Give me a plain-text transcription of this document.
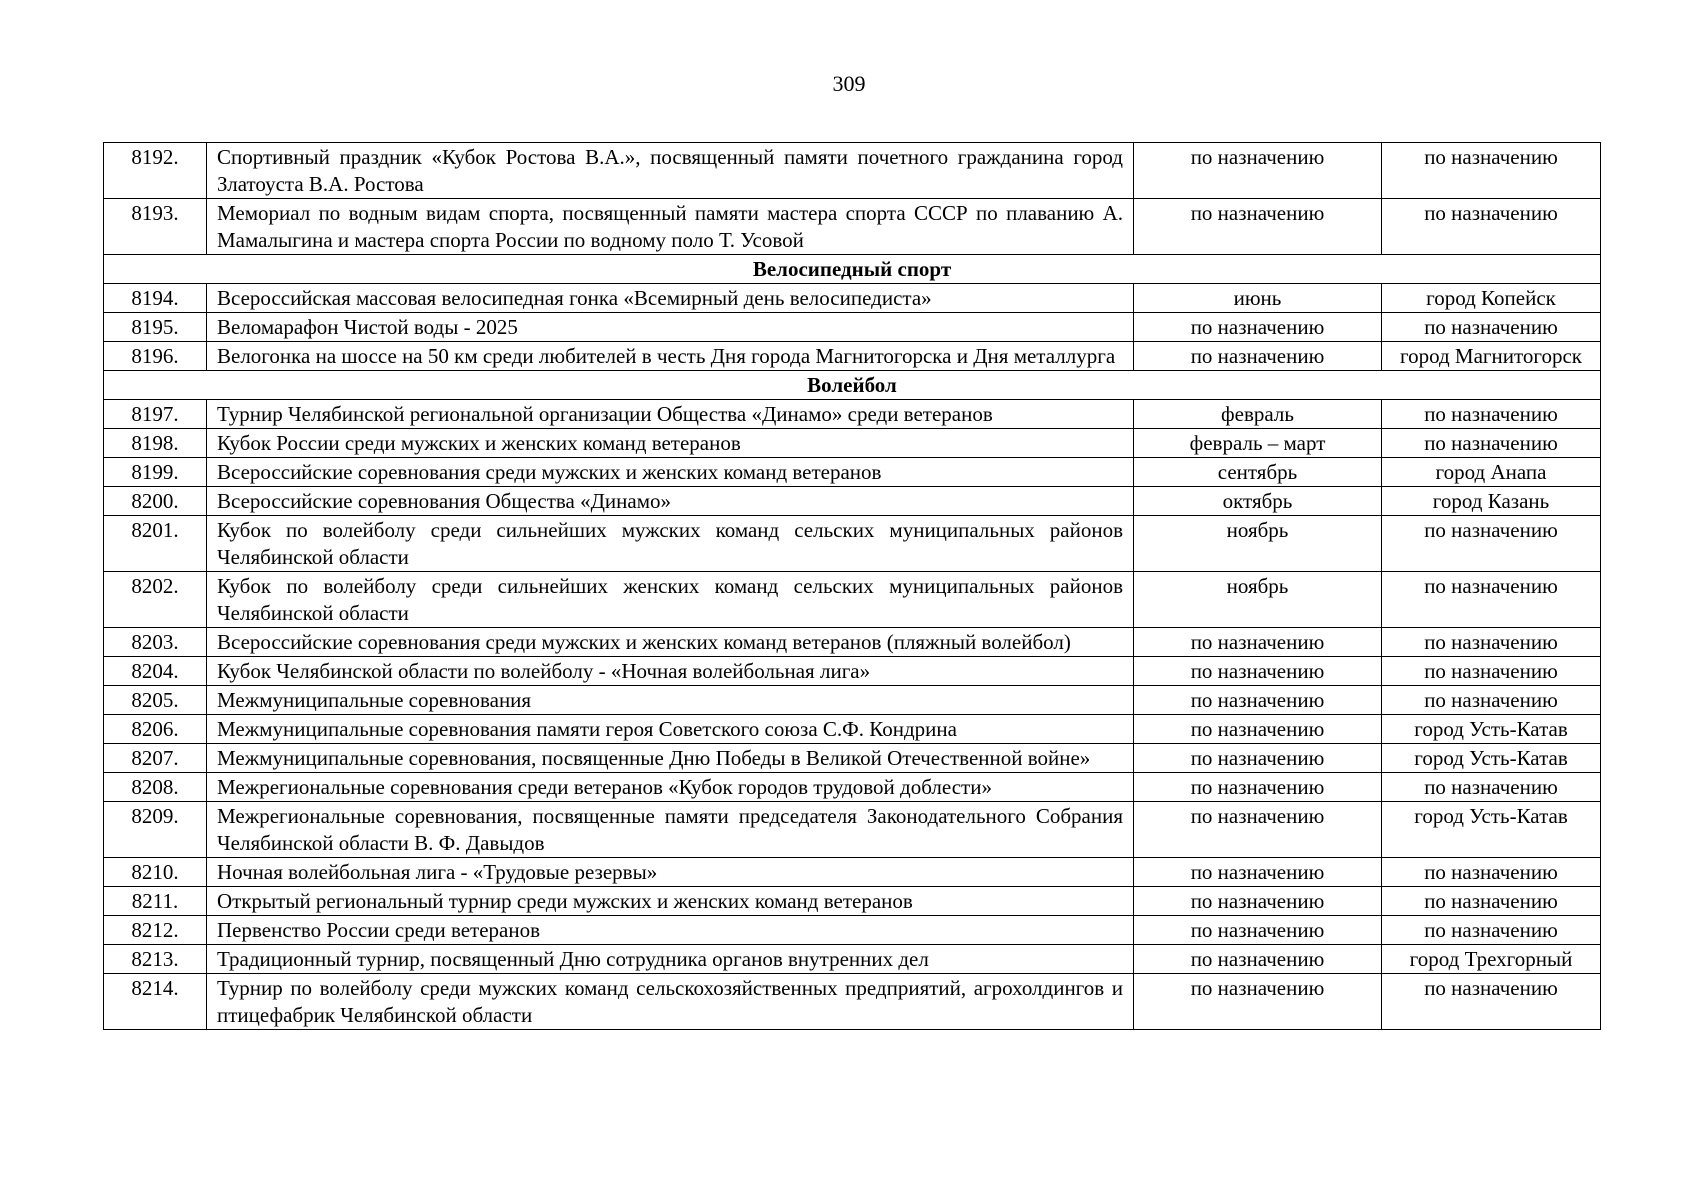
309
8192.	Спортивный праздник «Кубок Ростова В.А.», посвященный памяти почетного гражданина город Златоуста В.А. Ростова	по назначению	по назначению
8193.	Мемориал по водным видам спорта, посвященный памяти мастера спорта СССР по плаванию А. Мамалыгина и мастера спорта России по водному поло Т. Усовой	по назначению	по назначению
Велосипедный спорт			
8194.	Всероссийская массовая велосипедная гонка «Всемирный день велосипедиста»	июнь	город Копейск
8195.	Веломарафон Чистой воды - 2025	по назначению	по назначению
8196.	Велогонка на шоссе на 50 км среди любителей в честь Дня города Магнитогорска и Дня металлурга	по назначению	город Магнитогорск
Волейбол			
8197.	Турнир Челябинской региональной организации Общества «Динамо» среди ветеранов	февраль	по назначению
8198.	Кубок России среди мужских и женских команд ветеранов	февраль – март	по назначению
8199.	Всероссийские соревнования среди мужских и женских команд ветеранов	сентябрь	город Анапа
8200.	Всероссийские соревнования Общества «Динамо»	октябрь	город Казань
8201.	Кубок по волейболу среди сильнейших мужских команд сельских муниципальных районов Челябинской области	ноябрь	по назначению
8202.	Кубок по волейболу среди сильнейших женских команд сельских муниципальных районов Челябинской области	ноябрь	по назначению
8203.	Всероссийские соревнования среди мужских и женских команд ветеранов (пляжный волейбол)	по назначению	по назначению
8204.	Кубок Челябинской области по волейболу - «Ночная волейбольная лига»	по назначению	по назначению
8205.	Межмуниципальные соревнования	по назначению	по назначению
8206.	Межмуниципальные соревнования памяти героя Советского союза С.Ф. Кондрина	по назначению	город Усть-Катав
8207.	Межмуниципальные соревнования, посвященные Дню Победы в Великой Отечественной войне»	по назначению	город Усть-Катав
8208.	Межрегиональные соревнования среди ветеранов «Кубок городов трудовой доблести»	по назначению	по назначению
8209.	Межрегиональные соревнования, посвященные памяти председателя Законодательного Собрания Челябинской области В. Ф. Давыдов	по назначению	город Усть-Катав
8210.	Ночная волейбольная лига - «Трудовые резервы»	по назначению	по назначению
8211.	Открытый региональный турнир среди мужских и женских команд ветеранов	по назначению	по назначению
8212.	Первенство России среди ветеранов	по назначению	по назначению
8213.	Традиционный турнир, посвященный Дню сотрудника органов внутренних дел	по назначению	город Трехгорный
8214.	Турнир по волейболу среди мужских команд сельскохозяйственных предприятий, агрохолдингов и птицефабрик Челябинской области	по назначению	по назначению
